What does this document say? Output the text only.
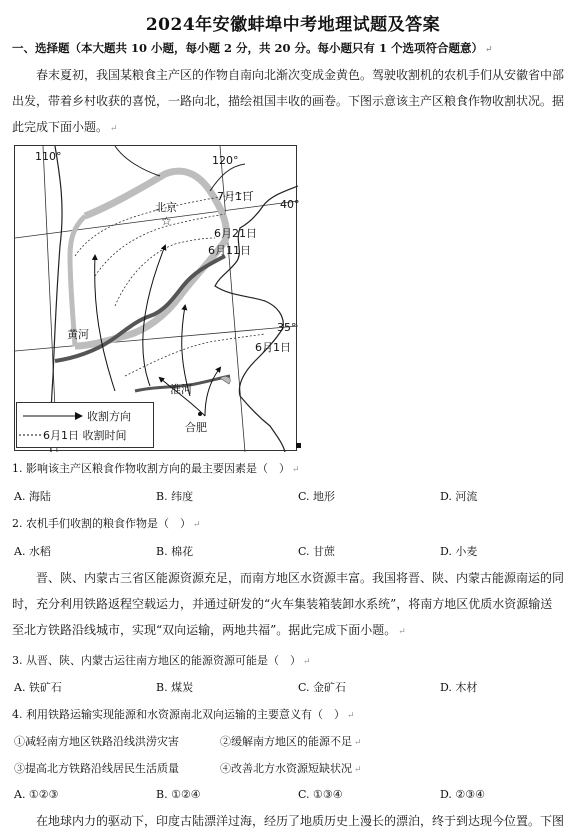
2024年安徽蚌埠中考地理试题及答案
一、选择题（本大题共 10 小题，每小题 2 分，共 20 分。每小题只有 1 个选项符合题意） ↵

春末夏初，我国某粮食主产区的作物自南向北渐次变成金黄色。驾驶收割机的农机手们从安徽省中部

出发，带着乡村收获的喜悦，一路向北，描绘祖国丰收的画卷。下图示意该主产区粮食作物收割状况。据

此完成下面小题。 ↵

☆
110°	120°
40°
35°
北京
7月1日
6月21日
6月11日
6月1日
黄河
淮河
合肥
收割方向
6月1日 收割时间
1. 影响该主产区粮食作物收割方向的最主要因素是（　） ↵
A. 海陆	B. 纬度	C. 地形	D. 河流
2. 农机手们收割的粮食作物是（　） ↵
A. 水稻	B. 棉花	C. 甘蔗	D. 小麦

晋、陕、内蒙古三省区能源资源充足，而南方地区水资源丰富。我国将晋、陕、内蒙古能源南运的同

时，充分利用铁路返程空载运力，并通过研发的“火车集装箱装卸水系统”，将南方地区优质水资源输送

至北方铁路沿线城市，实现“双向运输，两地共福”。据此完成下面小题。 ↵

3. 从晋、陕、内蒙古运往南方地区的能源资源可能是（　） ↵
A. 铁矿石	B. 煤炭	C. 金矿石	D. 木材
4. 利用铁路运输实现能源和水资源南北双向运输的主要意义有（　） ↵
①减轻南方地区铁路沿线洪涝灾害	②缓解南方地区的能源不足 ↵
③提高北方铁路沿线居民生活质量	④改善北方水资源短缺状况 ↵
A. ①②③	B. ①②④	C. ①③④	D. ②③④
在地球内力的驱动下，印度古陆漂洋过海，经历了地质历史上漫长的漂泊，终于到达现今位置。下图
